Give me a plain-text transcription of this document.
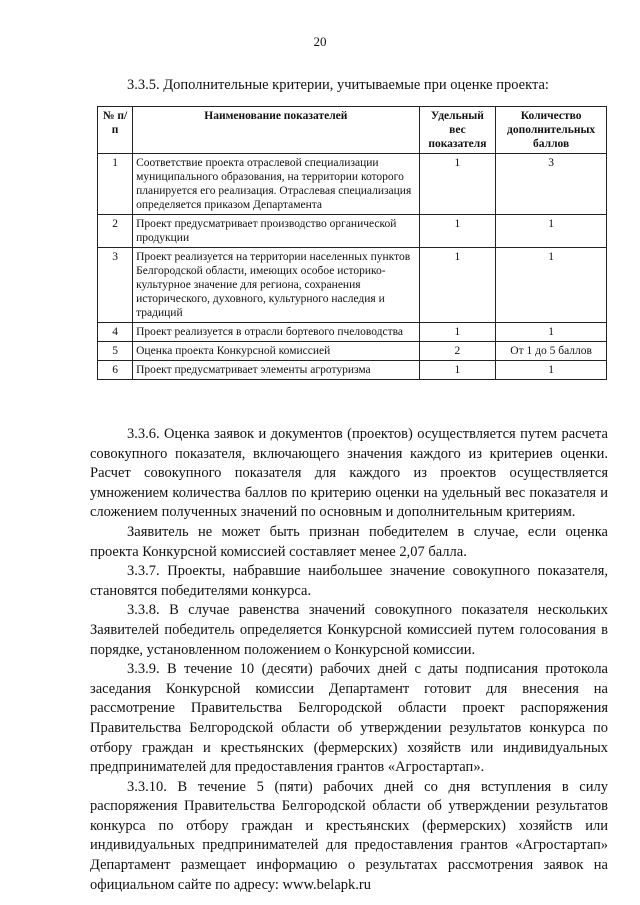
20
3.3.5. Дополнительные критерии, учитываемые при оценке проекта:
№ п/п	Наименование показателей	Удельный вес показателя	Количество дополнительных баллов
1	Соответствие проекта отраслевой специализации муниципального образования, на территории которого планируется его реализация. Отраслевая специализация определяется приказом Департамента	1	3
2	Проект предусматривает производство органической продукции	1	1
3	Проект реализуется на территории населенных пунктов Белгородской области, имеющих особое историко-культурное значение для региона, сохранения исторического, духовного, культурного наследия и традиций	1	1
4	Проект реализуется в отрасли бортевого пчеловодства	1	1
5	Оценка проекта Конкурсной комиссией	2	От 1 до 5 баллов
6	Проект предусматривает элементы агротуризма	1	1

3.3.6. Оценка заявок и документов (проектов) осуществляется путем расчета совокупного показателя, включающего значения каждого из критериев оценки. Расчет совокупного показателя для каждого из проектов осуществляется умножением количества баллов по критерию оценки на удельный вес показателя и сложением полученных значений по основным и дополнительным критериям.

Заявитель не может быть признан победителем в случае, если оценка проекта Конкурсной комиссией составляет менее 2,07 балла.

3.3.7. Проекты, набравшие наибольшее значение совокупного показателя, становятся победителями конкурса.

3.3.8. В случае равенства значений совокупного показателя нескольких Заявителей победитель определяется Конкурсной комиссией путем голосования в порядке, установленном положением о Конкурсной комиссии.

3.3.9. В течение 10 (десяти) рабочих дней с даты подписания протокола заседания Конкурсной комиссии Департамент готовит для внесения на рассмотрение Правительства Белгородской области проект распоряжения Правительства Белгородской области об утверждении результатов конкурса по отбору граждан и крестьянских (фермерских) хозяйств или индивидуальных предпринимателей для предоставления грантов «Агростартап».

3.3.10. В течение 5 (пяти) рабочих дней со дня вступления в силу распоряжения Правительства Белгородской области об утверждении результатов конкурса по отбору граждан и крестьянских (фермерских) хозяйств или индивидуальных предпринимателей для предоставления грантов «Агростартап» Департамент размещает информацию о результатах рассмотрения заявок на официальном сайте по адресу: www.belapk.ru
